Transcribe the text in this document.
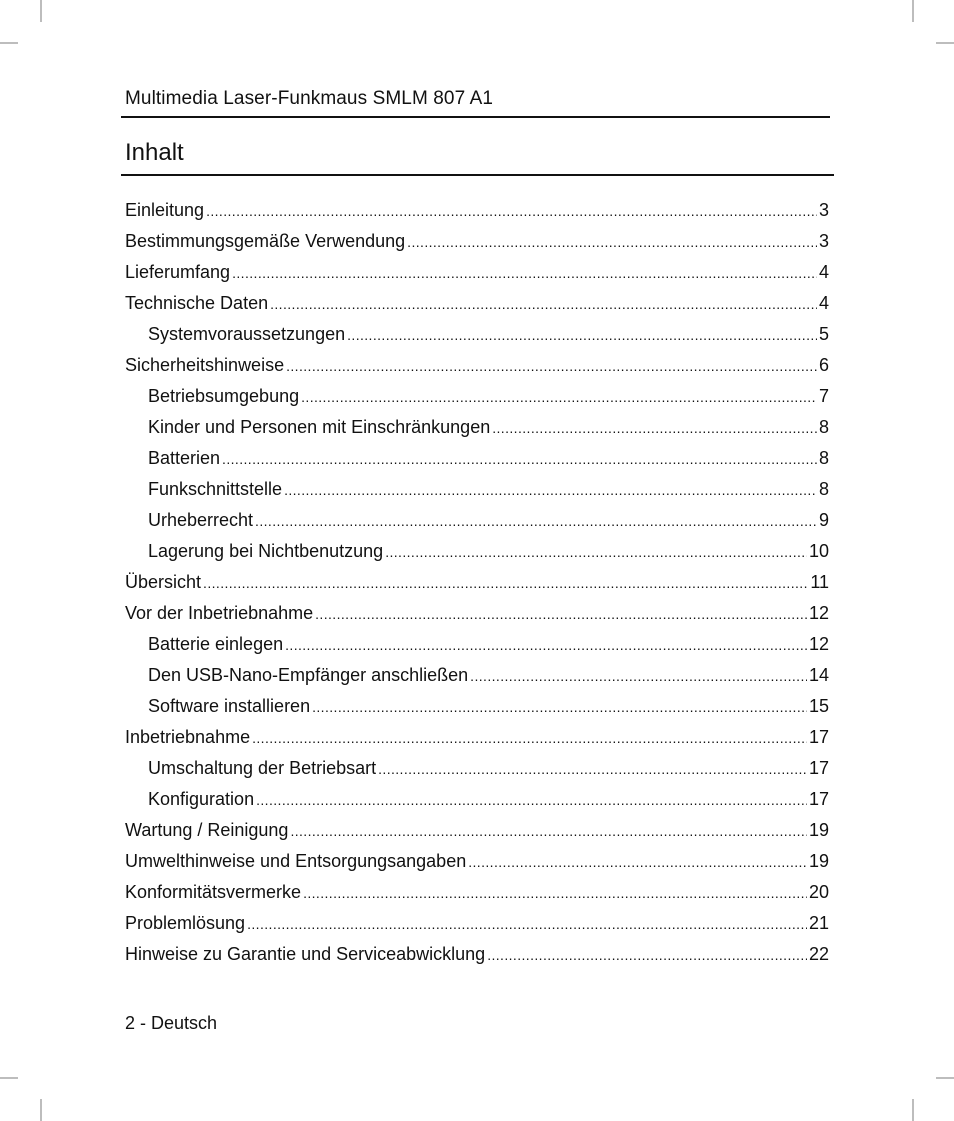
Multimedia Laser-Funkmaus SMLM 807 A1
Inhalt
Einleitung .....	3
Bestimmungsgemäße Verwendung .....	3
Lieferumfang .....	4
Technische Daten .....	4
Systemvoraussetzungen .....	5
Sicherheitshinweise .....	6
Betriebsumgebung .....	7
Kinder und Personen mit Einschränkungen .....	8
Batterien .....	8
Funkschnittstelle .....	8
Urheberrecht .....	9
Lagerung bei Nichtbenutzung .....	10
Übersicht .....	11
Vor der Inbetriebnahme .....	12
Batterie einlegen .....	12
Den USB-Nano-Empfänger anschließen .....	14
Software installieren .....	15
Inbetriebnahme .....	17
Umschaltung der Betriebsart .....	17
Konfiguration .....	17
Wartung / Reinigung .....	19
Umwelthinweise und Entsorgungsangaben .....	19
Konformitätsvermerke .....	20
Problemlösung .....	21
Hinweise zu Garantie und Serviceabwicklung .....	22
2 - Deutsch
